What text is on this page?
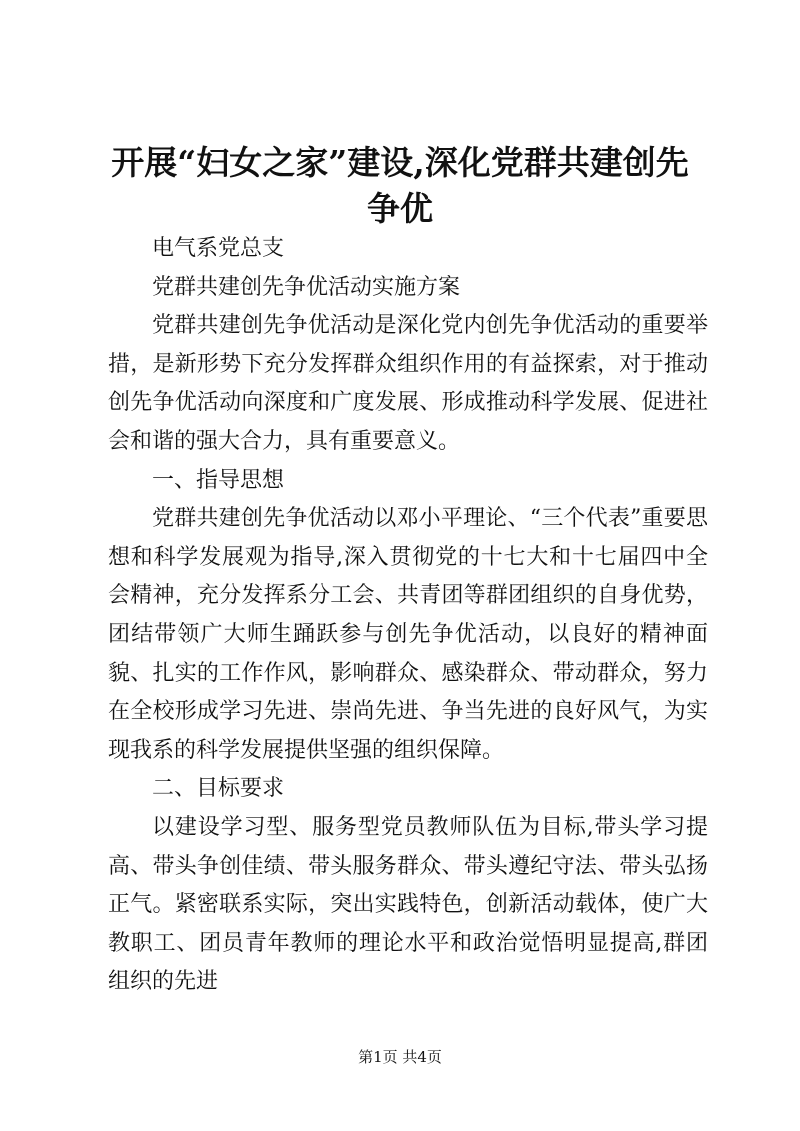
开展“妇女之家”建设,深化党群共建创先争优

电气系党总支

党群共建创先争优活动实施方案

党群共建创先争优活动是深化党内创先争优活动的重要举措，是新形势下充分发挥群众组织作用的有益探索，对于推动创先争优活动向深度和广度发展、形成推动科学发展、促进社会和谐的强大合力，具有重要意义。

一、指导思想

党群共建创先争优活动以邓小平理论、“三个代表”重要思想和科学发展观为指导,深入贯彻党的十七大和十七届四中全会精神，充分发挥系分工会、共青团等群团组织的自身优势，团结带领广大师生踊跃参与创先争优活动，以良好的精神面貌、扎实的工作作风，影响群众、感染群众、带动群众，努力在全校形成学习先进、崇尚先进、争当先进的良好风气，为实现我系的科学发展提供坚强的组织保障。

二、目标要求

以建设学习型、服务型党员教师队伍为目标,带头学习提高、带头争创佳绩、带头服务群众、带头遵纪守法、带头弘扬正气。紧密联系实际，突出实践特色，创新活动载体，使广大教职工、团员青年教师的理论水平和政治觉悟明显提高,群团组织的先进

第1页 共4页
